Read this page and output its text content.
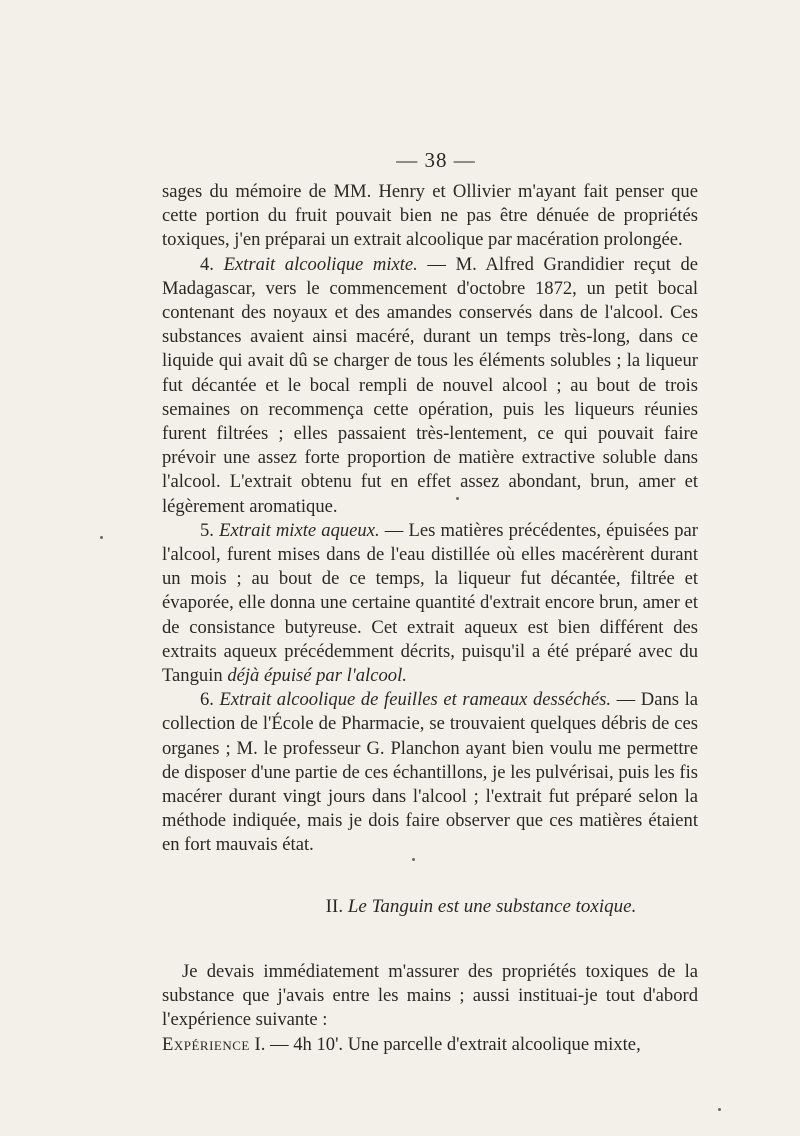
— 38 —

sages du mémoire de MM. Henry et Ollivier m'ayant fait penser que cette portion du fruit pouvait bien ne pas être dénuée de propriétés toxiques, j'en préparai un extrait alcoolique par macération prolongée.

4. Extrait alcoolique mixte. — M. Alfred Grandidier reçut de Madagascar, vers le commencement d'octobre 1872, un petit bocal contenant des noyaux et des amandes conservés dans de l'alcool. Ces substances avaient ainsi macéré, durant un temps très-long, dans ce liquide qui avait dû se charger de tous les éléments solubles ; la liqueur fut décantée et le bocal rempli de nouvel alcool ; au bout de trois semaines on recommença cette opération, puis les liqueurs réunies furent filtrées ; elles passaient très-lentement, ce qui pouvait faire prévoir une assez forte proportion de matière extractive soluble dans l'alcool. L'extrait obtenu fut en effet assez abondant, brun, amer et légèrement aromatique.

5. Extrait mixte aqueux. — Les matières précédentes, épuisées par l'alcool, furent mises dans de l'eau distillée où elles macérèrent durant un mois ; au bout de ce temps, la liqueur fut décantée, filtrée et évaporée, elle donna une certaine quantité d'extrait encore brun, amer et de consistance butyreuse. Cet extrait aqueux est bien différent des extraits aqueux précédemment décrits, puisqu'il a été préparé avec du Tanguin déjà épuisé par l'alcool.

6. Extrait alcoolique de feuilles et rameaux desséchés. — Dans la collection de l'École de Pharmacie, se trouvaient quelques débris de ces organes ; M. le professeur G. Planchon ayant bien voulu me permettre de disposer d'une partie de ces échantillons, je les pulvérisai, puis les fis macérer durant vingt jours dans l'alcool ; l'extrait fut préparé selon la méthode indiquée, mais je dois faire observer que ces matières étaient en fort mauvais état.

II. Le Tanguin est une substance toxique.

Je devais immédiatement m'assurer des propriétés toxiques de la substance que j'avais entre les mains ; aussi instituai-je tout d'abord l'expérience suivante :

Expérience I. — 4h 10'. Une parcelle d'extrait alcoolique mixte,
